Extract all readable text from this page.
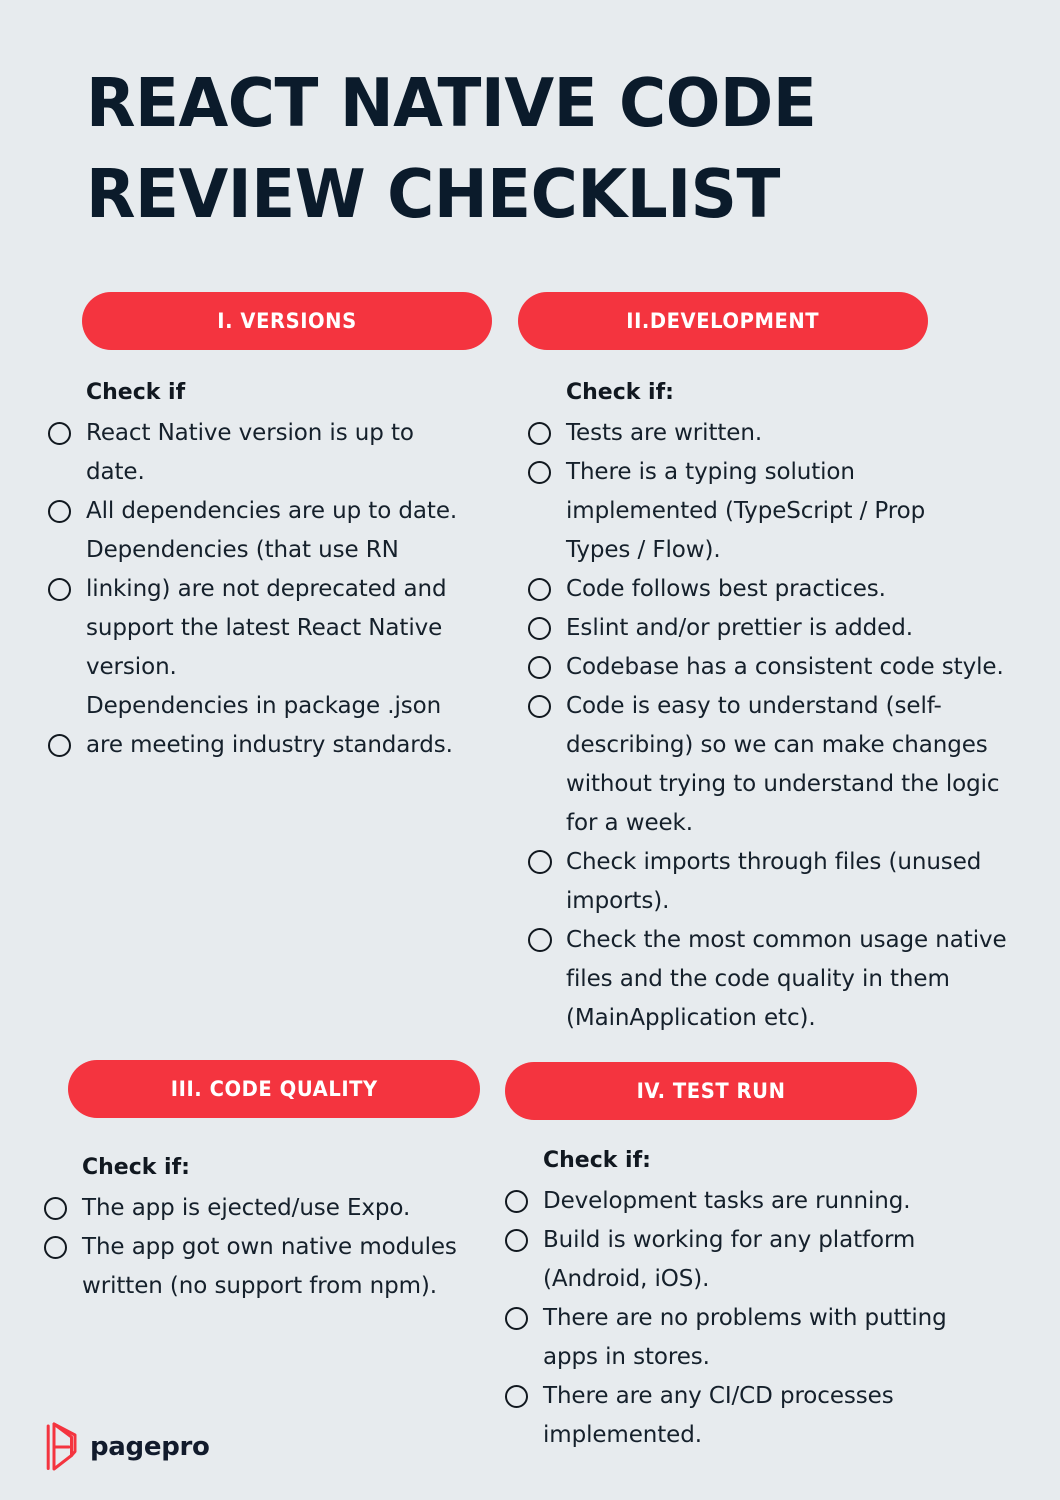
REACT NATIVE CODE
REVIEW CHECKLIST
I. VERSIONS	II.DEVELOPMENT
III. CODE QUALITY	IV. TEST RUN
Check if
React Native version is up to
date.
All dependencies are up to date.
Dependencies (that use RN
linking) are not deprecated and
support the latest React Native
version.
Dependencies in package .json
are meeting industry standards.
Check if:
Tests are written.
There is a typing solution
implemented (TypeScript / Prop
Types / Flow).
Code follows best practices.
Eslint and/or prettier is added.
Codebase has a consistent code style.
Code is easy to understand (self-
describing) so we can make changes
without trying to understand the logic
for a week.
Check imports through files (unused
imports).
Check the most common usage native
files and the code quality in them
(MainApplication etc).
Check if:
The app is ejected/use Expo.
The app got own native modules
written (no support from npm).
Check if:
Development tasks are running.
Build is working for any platform
(Android, iOS).
There are no problems with putting
apps in stores.
There are any CI/CD processes
implemented.
pagepro
